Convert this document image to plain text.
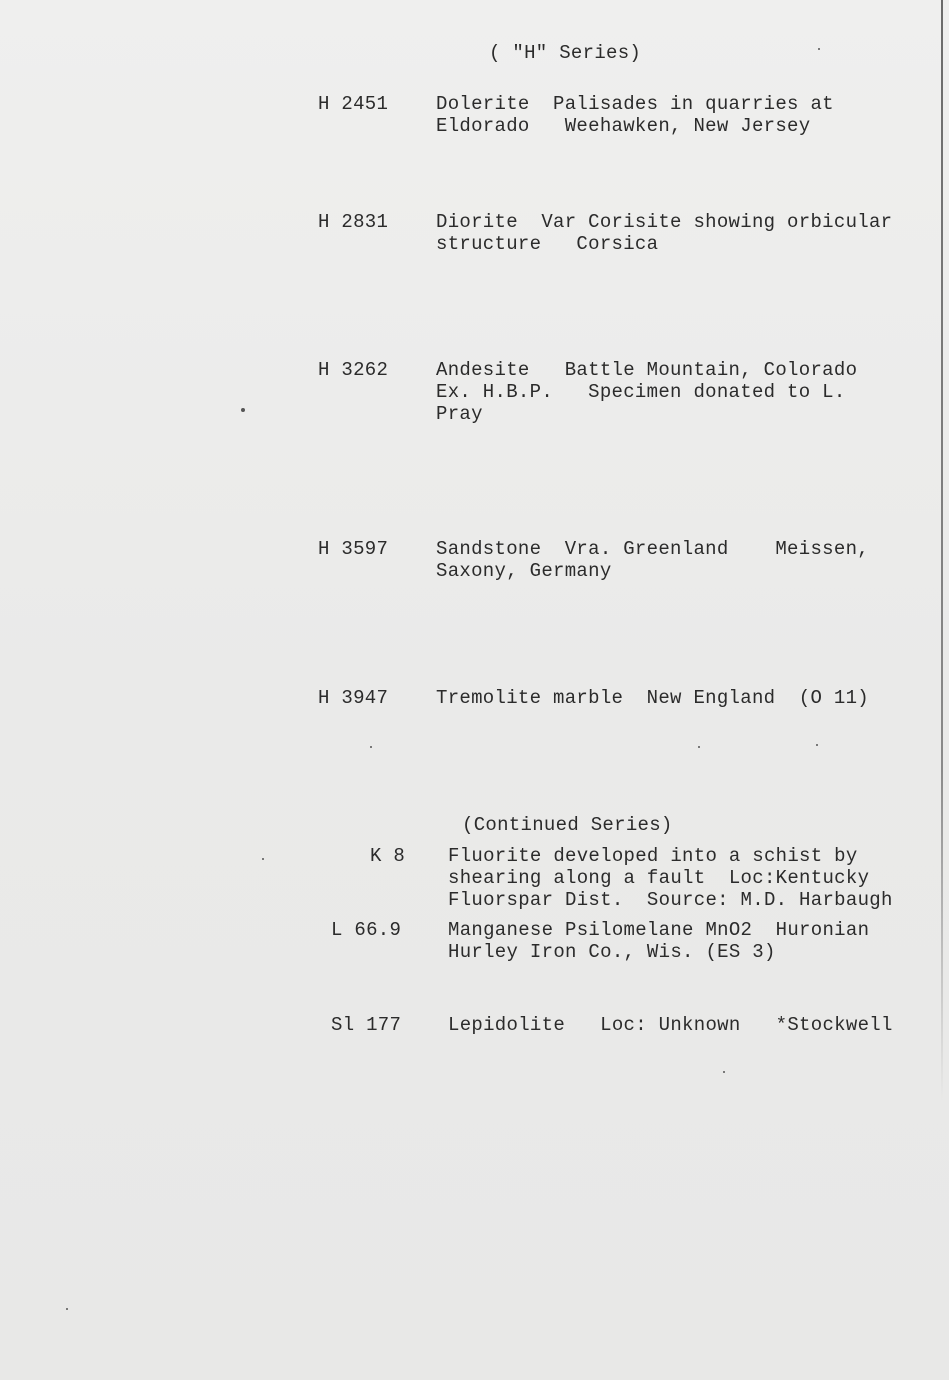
( "H" Series)
H 2451	Dolerite  Palisades in quarries at
Eldorado   Weehawken, New Jersey
H 2831	Diorite  Var Corisite showing orbicular
structure   Corsica
H 3262	Andesite   Battle Mountain, Colorado
Ex. H.B.P.   Specimen donated to L.
Pray
H 3597	Sandstone  Vra. Greenland    Meissen,
Saxony, Germany
H 3947	Tremolite marble  New England  (O 11)
(Continued Series)
K 8 Fluorite developed into a schist by
shearing along a fault  Loc:Kentucky
Fluorspar Dist.  Source: M.D. Harbaugh
L 66.9 Manganese Psilomelane MnO2  Huronian
Hurley Iron Co., Wis. (ES 3)
Sl 177 Lepidolite   Loc: Unknown   *Stockwell
